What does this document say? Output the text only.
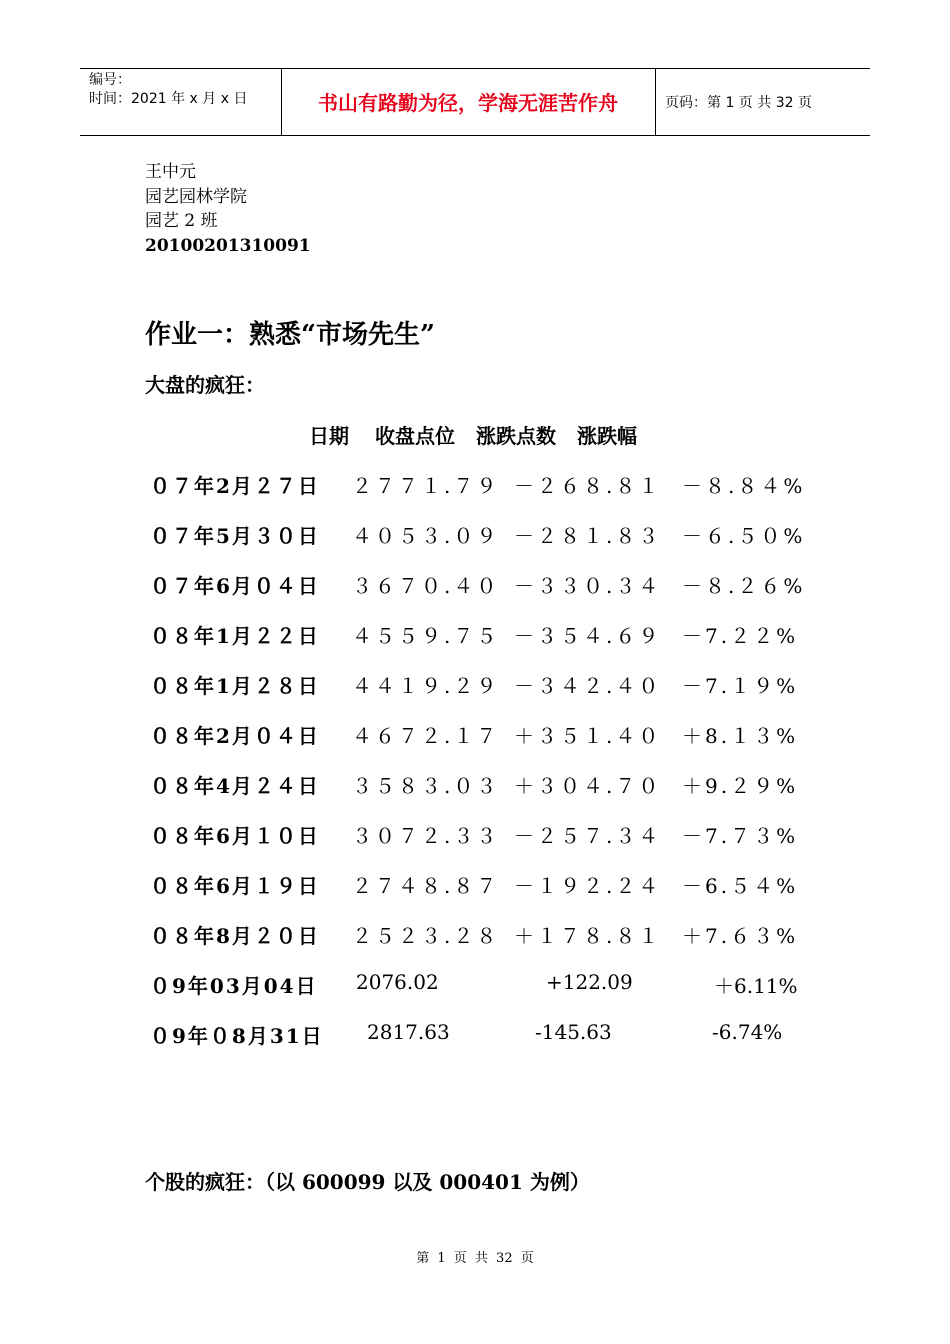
编号：
时间：2021 年 x 月 x 日	书山有路勤为径，学海无涯苦作舟	页码：第 1 页 共 32 页
王中元
园艺园林学院
园艺 2 班
20100201310091
作业一：熟悉“市场先生”
大盘的疯狂：
日期 收盘点位 涨跌点数 涨跌幅
０７年2月２７日 ２７７１.７９ －２６８.８１ －８.８４%
０７年5月３０日 ４０５３.０９ －２８１.８３ －６.５０%
０７年6月０４日 ３６７０.４０ －３３０.３４ －８.２６%
０８年1月２２日 ４５５９.７５ －３５４.６９ －7.２２%
０８年1月２８日 ４４１９.２９ －３４２.４０ －7.１９%
０８年2月０４日 ４６７２.１７ ＋３５１.４０ ＋8.１３%
０８年4月２４日 ３５８３.０３ ＋３０４.７０ ＋9.２９%
０８年6月１０日 ３０７２.３３ －２５７.３４ －7.７３%
０８年6月１９日 ２７４８.８７ －１９２.２４ －6.５４%
０８年8月２０日 ２５２３.２８ ＋１７８.８１ ＋7.６３%
０9年03月04日 2076.02	+122.09	＋6.11%
０9年０8月31日 2817.63	-145.63	-6.74%
个股的疯狂：（以 600099 以及 000401 为例）
第 1 页 共 32 页
